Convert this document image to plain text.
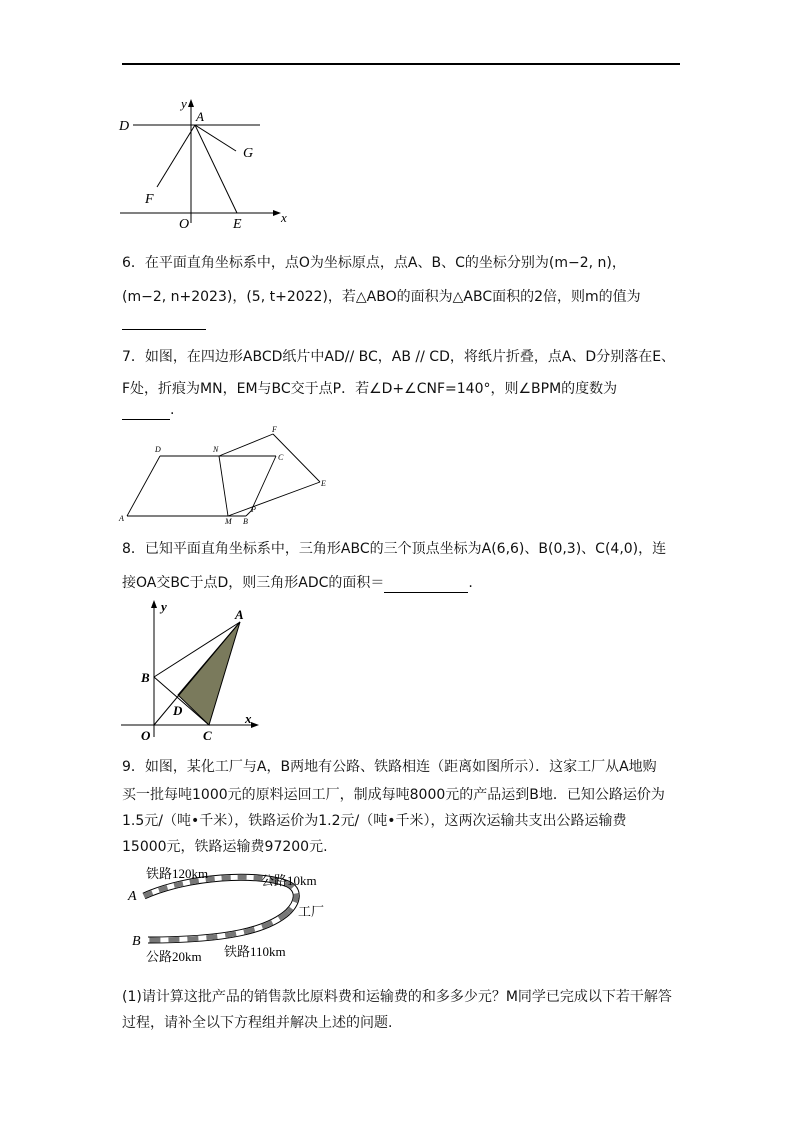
y
A
D
G
F
O	E	x
6．在平面直角坐标系中，点O为坐标原点，点A、B、C的坐标分别为(m−2, n)，
(m−2, n+2023)，(5, t+2022)，若△ABO的面积为△ABC面积的2倍，则m的值为
7．如图，在四边形ABCD纸片中AD// BC，AB // CD，将纸片折叠，点A、D分别落在E、
F处，折痕为MN，EM与BC交于点P．若∠D+∠CNF=140°，则∠BPM的度数为
.
D	N
F
C
E
A	M B
P
8．已知平面直角坐标系中，三角形ABC的三个顶点坐标为A(6,6)、B(0,3)、C(4,0)，连
接OA交BC于点D，则三角形ADC的面积＝	.
y
A
B
D
O	C
x
9．如图，某化工厂与A，B两地有公路、铁路相连（距离如图所示）．这家工厂从A地购
买一批每吨1000元的原料运回工厂，制成每吨8000元的产品运到B地．已知公路运价为
1.5元/（吨•千米），铁路运价为1.2元/（吨•千米），这两次运输共支出公路运输费
15000元，铁路运输费97200元.
铁路120km	公路10km
工厂
A
B
公路20km 铁路110km
(1)请计算这批产品的销售款比原料费和运输费的和多多少元？M同学已完成以下若干解答
过程，请补全以下方程组并解决上述的问题.
